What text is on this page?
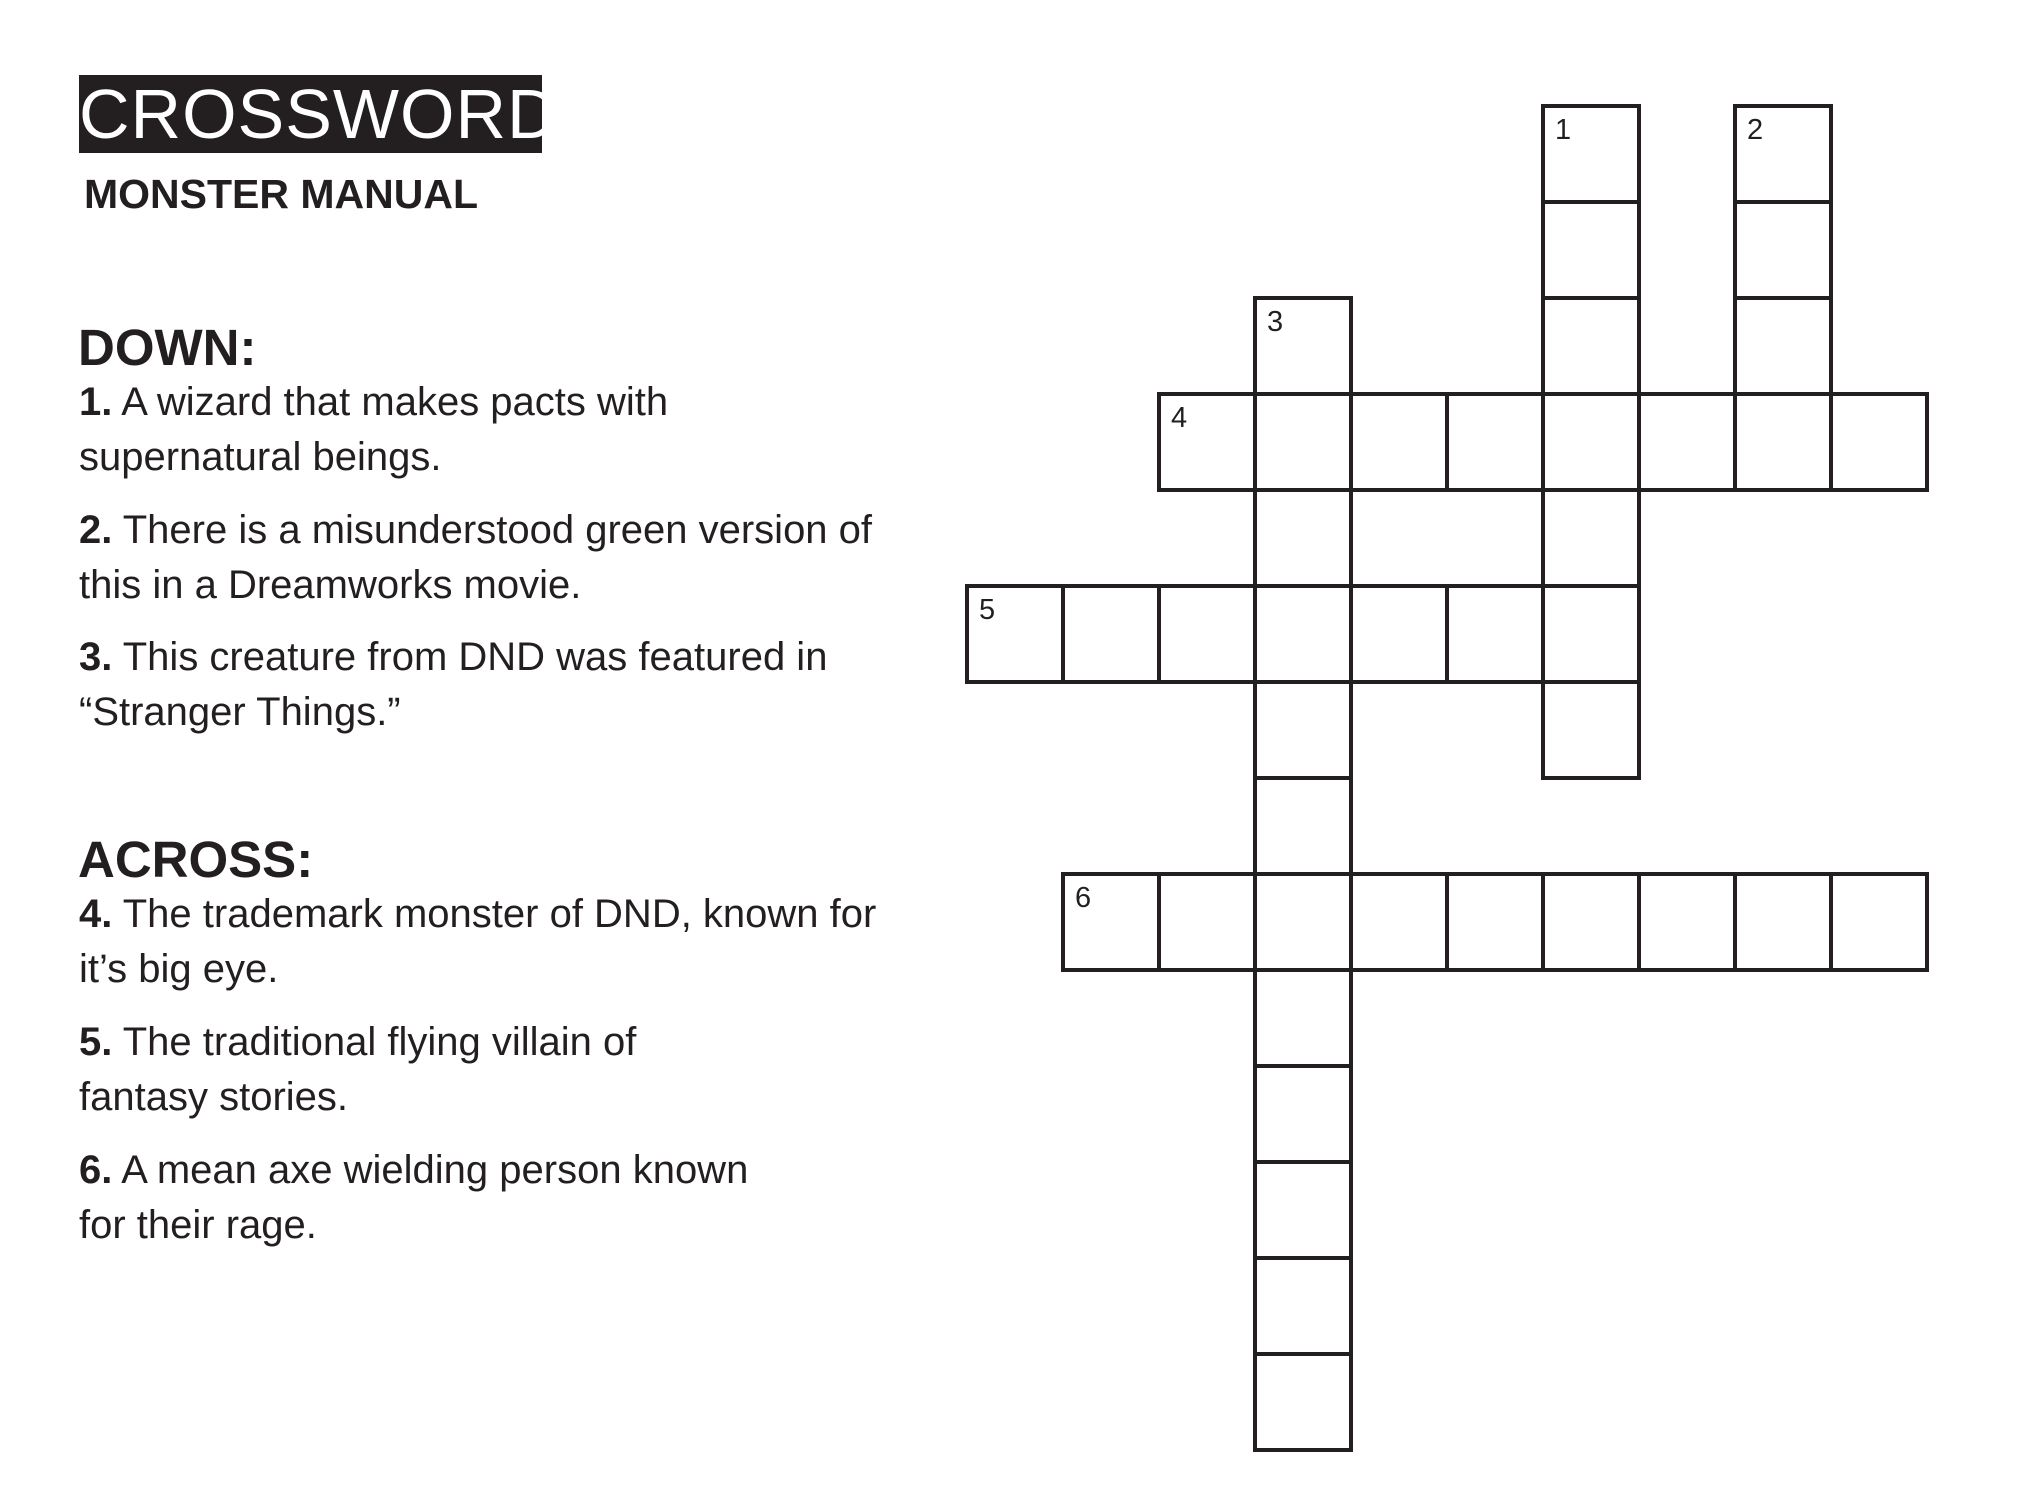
CROSSWORD
MONSTER MANUAL
DOWN:
1. A wizard that makes pacts with
supernatural beings.
2. There is a misunderstood green version of
this in a Dreamworks movie.
3. This creature from DND was featured in
“Stranger Things.”
ACROSS:
4. The trademark monster of DND, known for
it’s big eye.
5. The traditional flying villain of
fantasy stories.
6. A mean axe wielding person known
for their rage.
1	2
3
4
5
6
